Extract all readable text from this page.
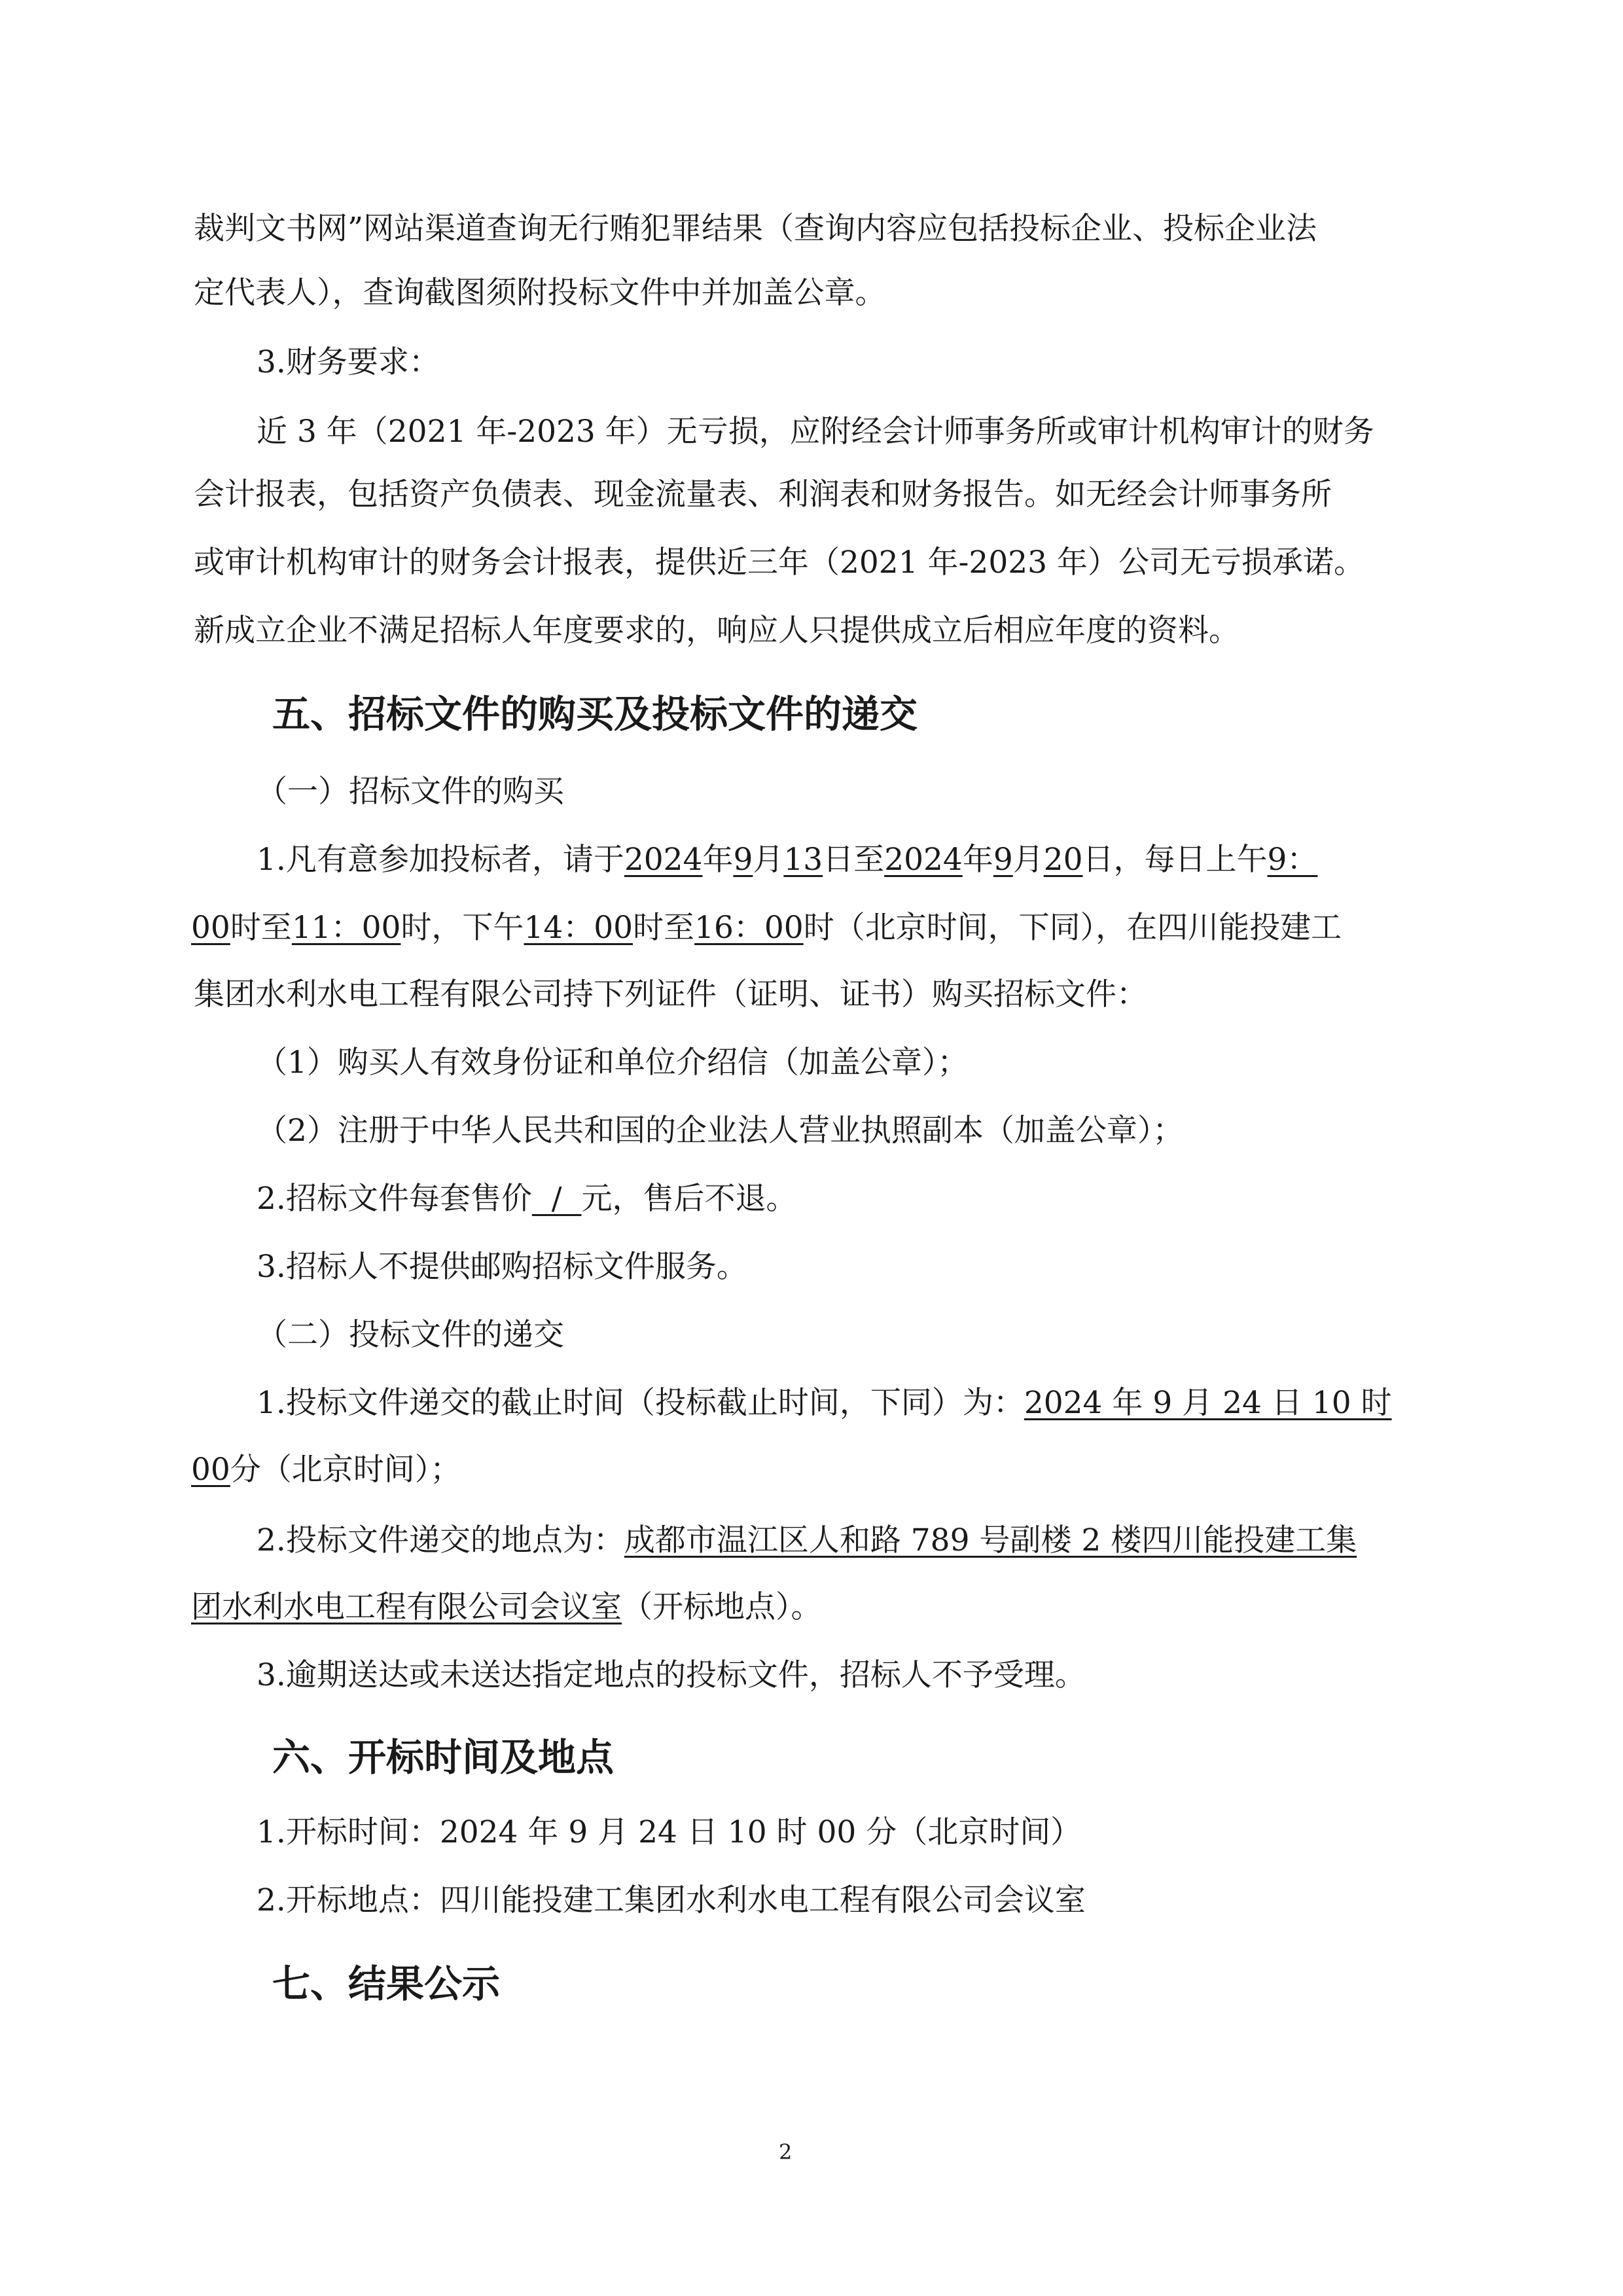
裁判文书网”网站渠道查询无行贿犯罪结果（查询内容应包括投标企业、投标企业法
定代表人），查询截图须附投标文件中并加盖公章。
3.财务要求：
近 3 年（2021 年-2023 年）无亏损，应附经会计师事务所或审计机构审计的财务
会计报表，包括资产负债表、现金流量表、利润表和财务报告。如无经会计师事务所
或审计机构审计的财务会计报表，提供近三年（2021 年-2023 年）公司无亏损承诺。
新成立企业不满足招标人年度要求的，响应人只提供成立后相应年度的资料。
五、招标文件的购买及投标文件的递交
（一）招标文件的购买
1.凡有意参加投标者，请于2024年9月13日至2024年9月20日，每日上午9：
00时至11：00时，下午14：00时至16：00时（北京时间，下同），在四川能投建工
集团水利水电工程有限公司持下列证件（证明、证书）购买招标文件：
（1）购买人有效身份证和单位介绍信（加盖公章）；
（2）注册于中华人民共和国的企业法人营业执照副本（加盖公章）；
2.招标文件每套售价  /  元，售后不退。
3.招标人不提供邮购招标文件服务。
（二）投标文件的递交
1.投标文件递交的截止时间（投标截止时间，下同）为：2024 年 9 月 24 日 10 时
00分（北京时间）；
2.投标文件递交的地点为：成都市温江区人和路 789 号副楼 2 楼四川能投建工集
团水利水电工程有限公司会议室（开标地点）。
3.逾期送达或未送达指定地点的投标文件，招标人不予受理。
六、开标时间及地点
1.开标时间：2024 年 9 月 24 日 10 时 00 分（北京时间）
2.开标地点：四川能投建工集团水利水电工程有限公司会议室
七、结果公示
2
